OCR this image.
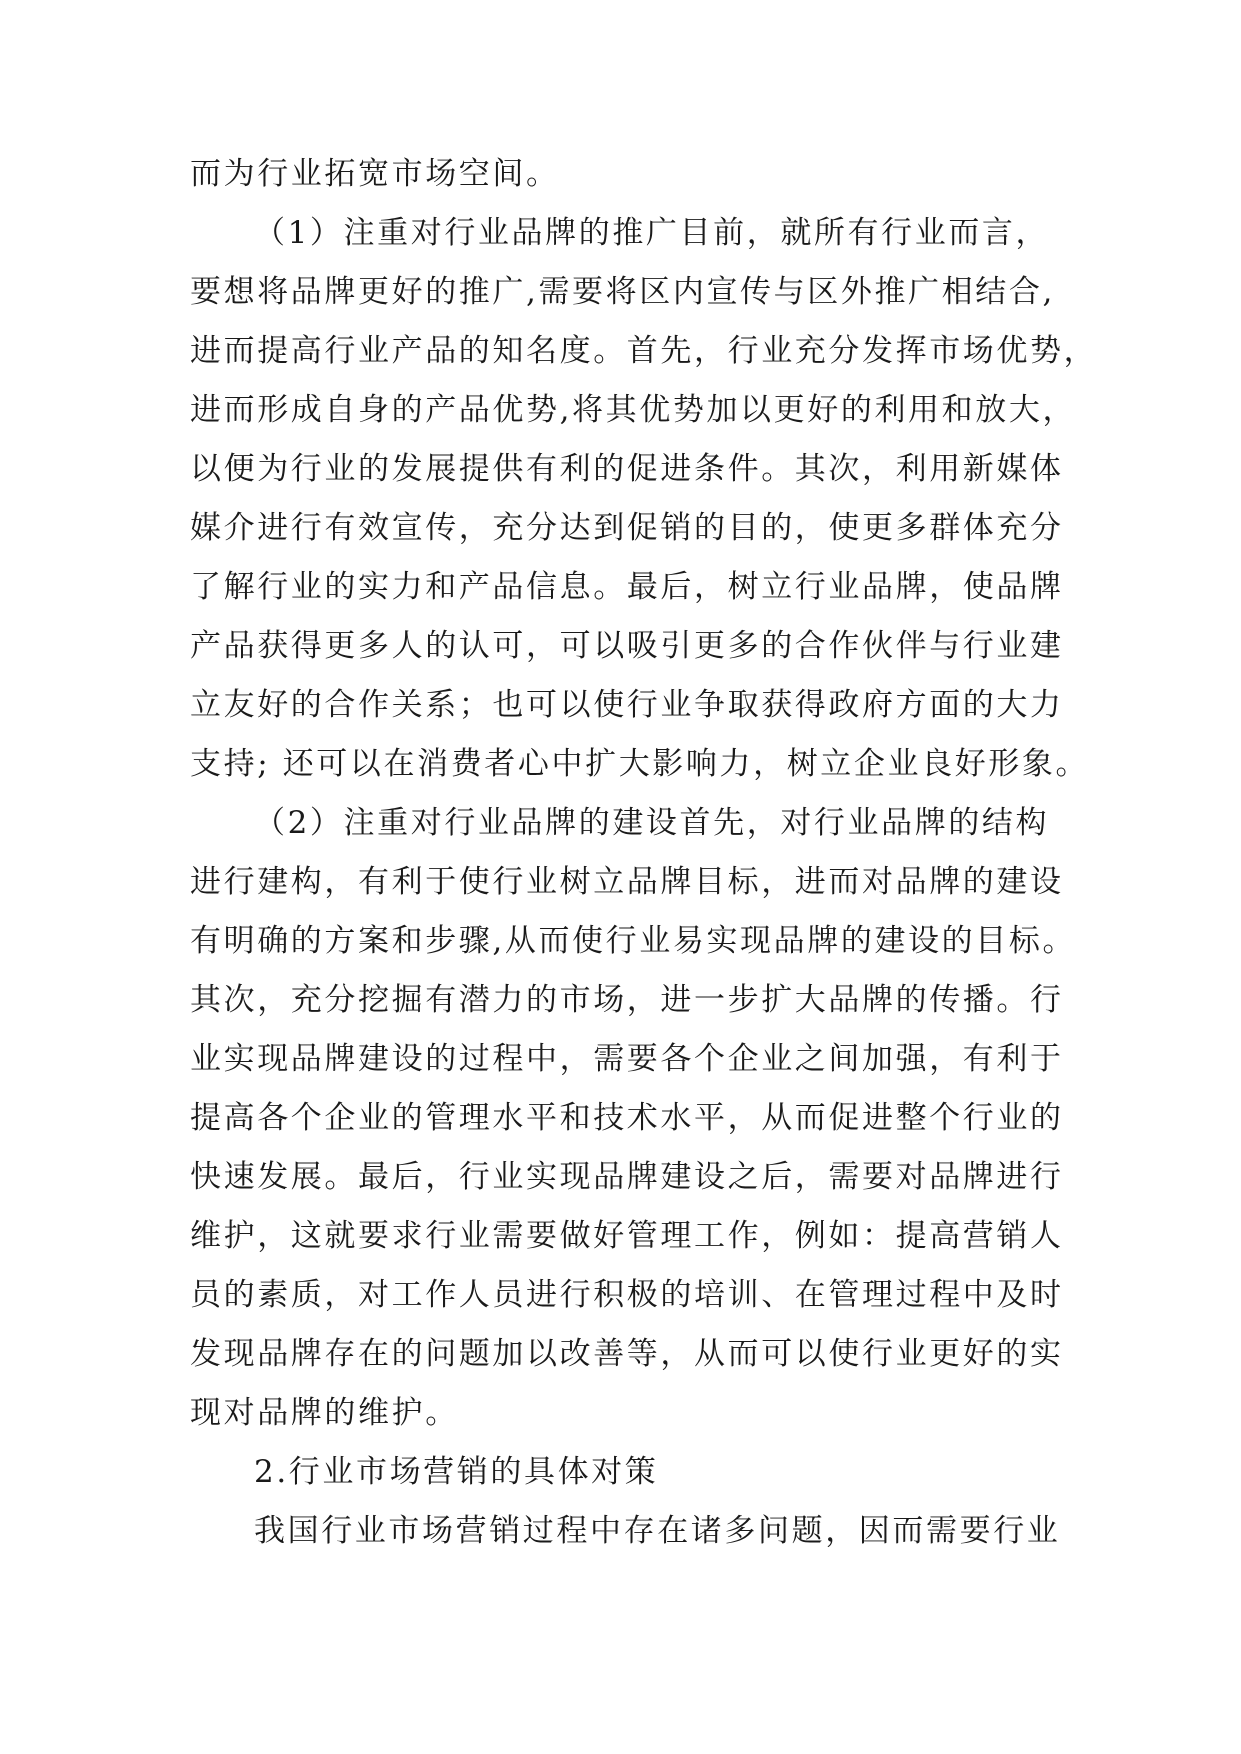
而为行业拓宽市场空间。
（1）注重对行业品牌的推广目前，就所有行业而言，
要想将品牌更好的推广,需要将区内宣传与区外推广相结合,
进而提高行业产品的知名度。首先，行业充分发挥市场优势，
进而形成自身的产品优势,将其优势加以更好的利用和放大，
以便为行业的发展提供有利的促进条件。其次，利用新媒体
媒介进行有效宣传，充分达到促销的目的，使更多群体充分
了解行业的实力和产品信息。最后，树立行业品牌，使品牌
产品获得更多人的认可，可以吸引更多的合作伙伴与行业建
立友好的合作关系；也可以使行业争取获得政府方面的大力
支持; 还可以在消费者心中扩大影响力，树立企业良好形象。
（2）注重对行业品牌的建设首先，对行业品牌的结构
进行建构，有利于使行业树立品牌目标，进而对品牌的建设
有明确的方案和步骤,从而使行业易实现品牌的建设的目标。
其次，充分挖掘有潜力的市场，进一步扩大品牌的传播。行
业实现品牌建设的过程中，需要各个企业之间加强，有利于
提高各个企业的管理水平和技术水平，从而促进整个行业的
快速发展。最后，行业实现品牌建设之后，需要对品牌进行
维护，这就要求行业需要做好管理工作，例如：提高营销人
员的素质，对工作人员进行积极的培训、在管理过程中及时
发现品牌存在的问题加以改善等，从而可以使行业更好的实
现对品牌的维护。
2.行业市场营销的具体对策
我国行业市场营销过程中存在诸多问题，因而需要行业
